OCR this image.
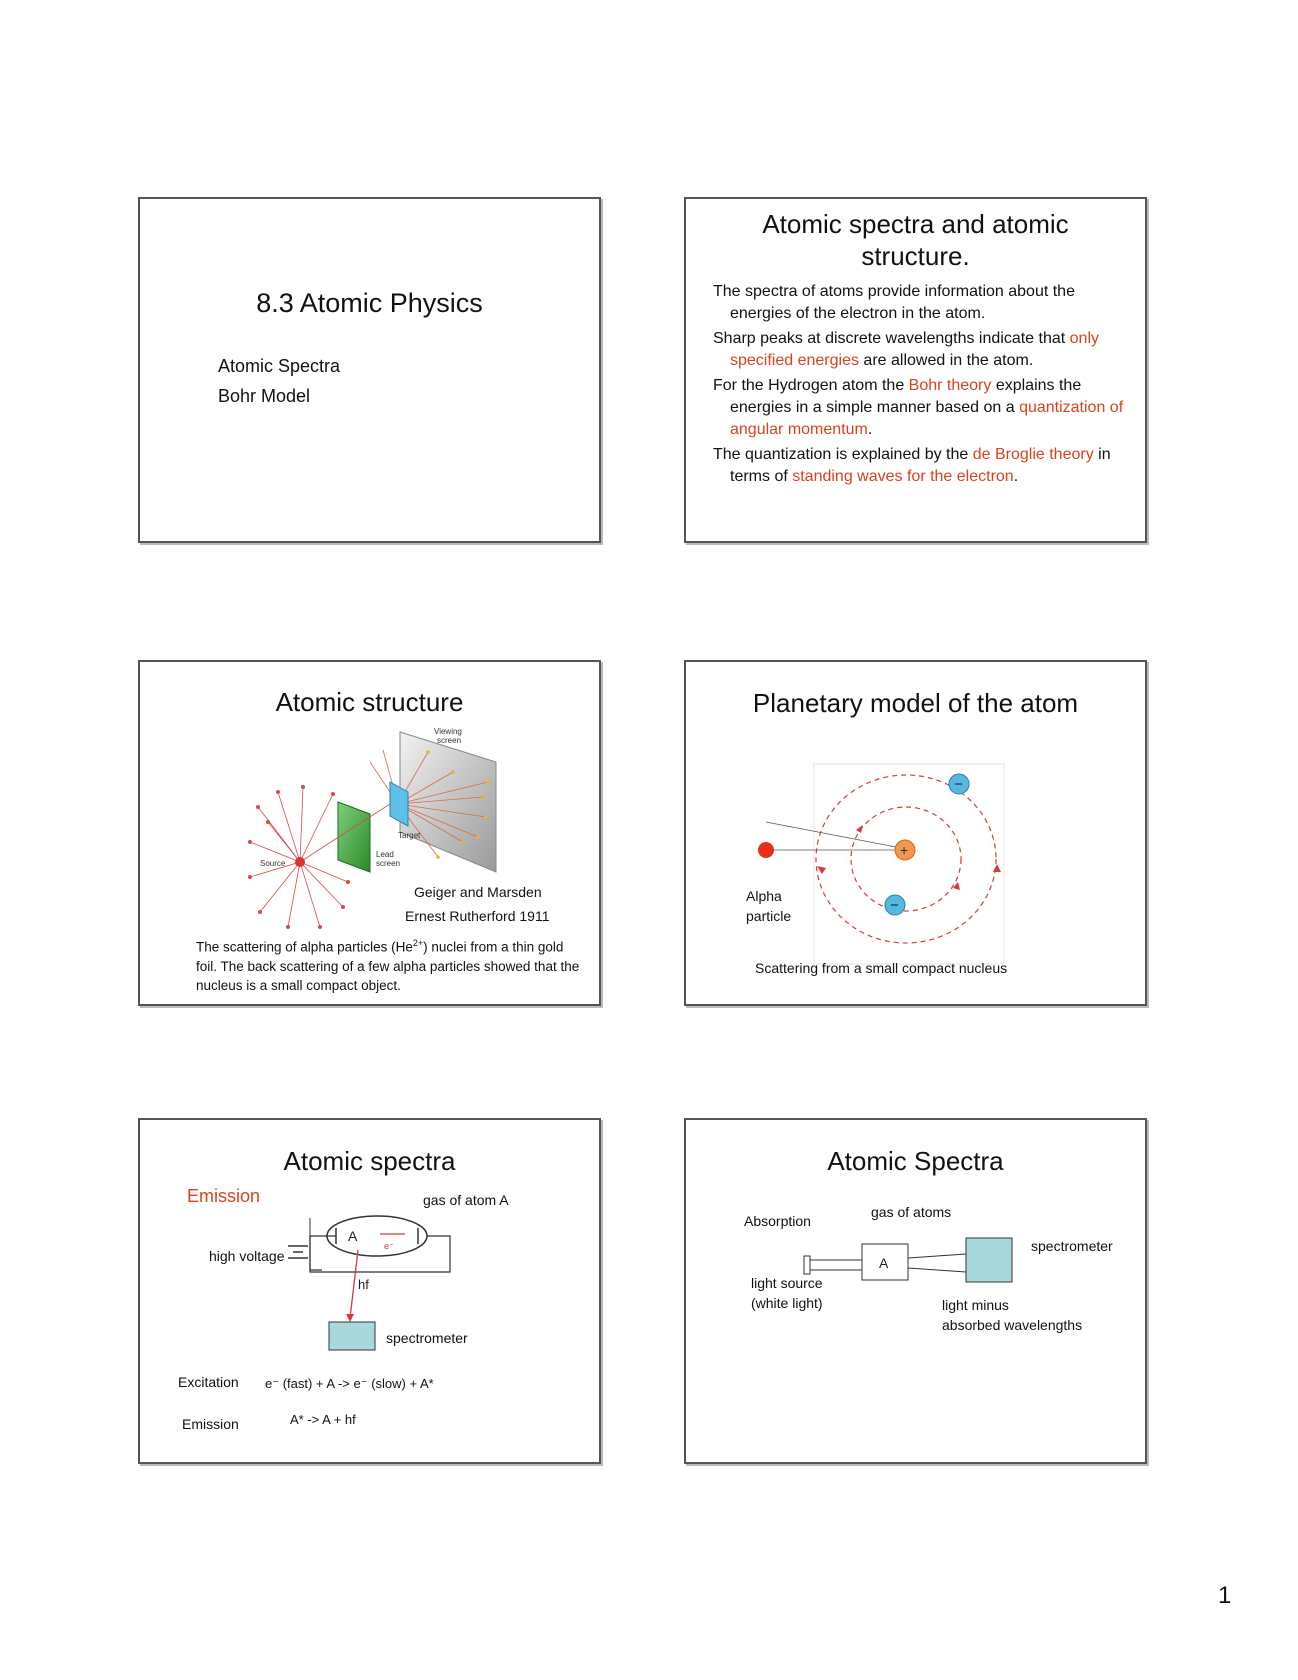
8.3 Atomic Physics
Atomic Spectra
Bohr Model
Atomic spectra and atomic structure.

The spectra of atoms provide information about the energies of the electron in the atom.

Sharp peaks at discrete wavelengths indicate that only specified energies are allowed in the atom.

For the Hydrogen atom the Bohr theory explains the energies in a simple manner based on a quantization of angular momentum.

The quantization is explained by the de Broglie theory in terms of standing waves for the electron.

Atomic structure
Viewing
screen
Target
Lead
screen
Source
Geiger and Marsden
Ernest Rutherford 1911
The scattering of alpha particles $(He^{2+})$ nuclei from a thin gold foil. The back scattering of a few alpha particles showed that the nucleus is a small compact object.
Planetary model of the atom
+
−
−
Alpha
particle
Scattering from a small compact nucleus
Atomic spectra
Emission	gas of atom A
high voltage
A
e⁻
hf
spectrometer
Excitation e⁻ (fast) + A -> e⁻ (slow) + A*
Emission	A* -> A + hf
Atomic Spectra
Absorption
gas of atoms
spectrometer
A
light source
(white light)	light minus
absorbed wavelengths
1
